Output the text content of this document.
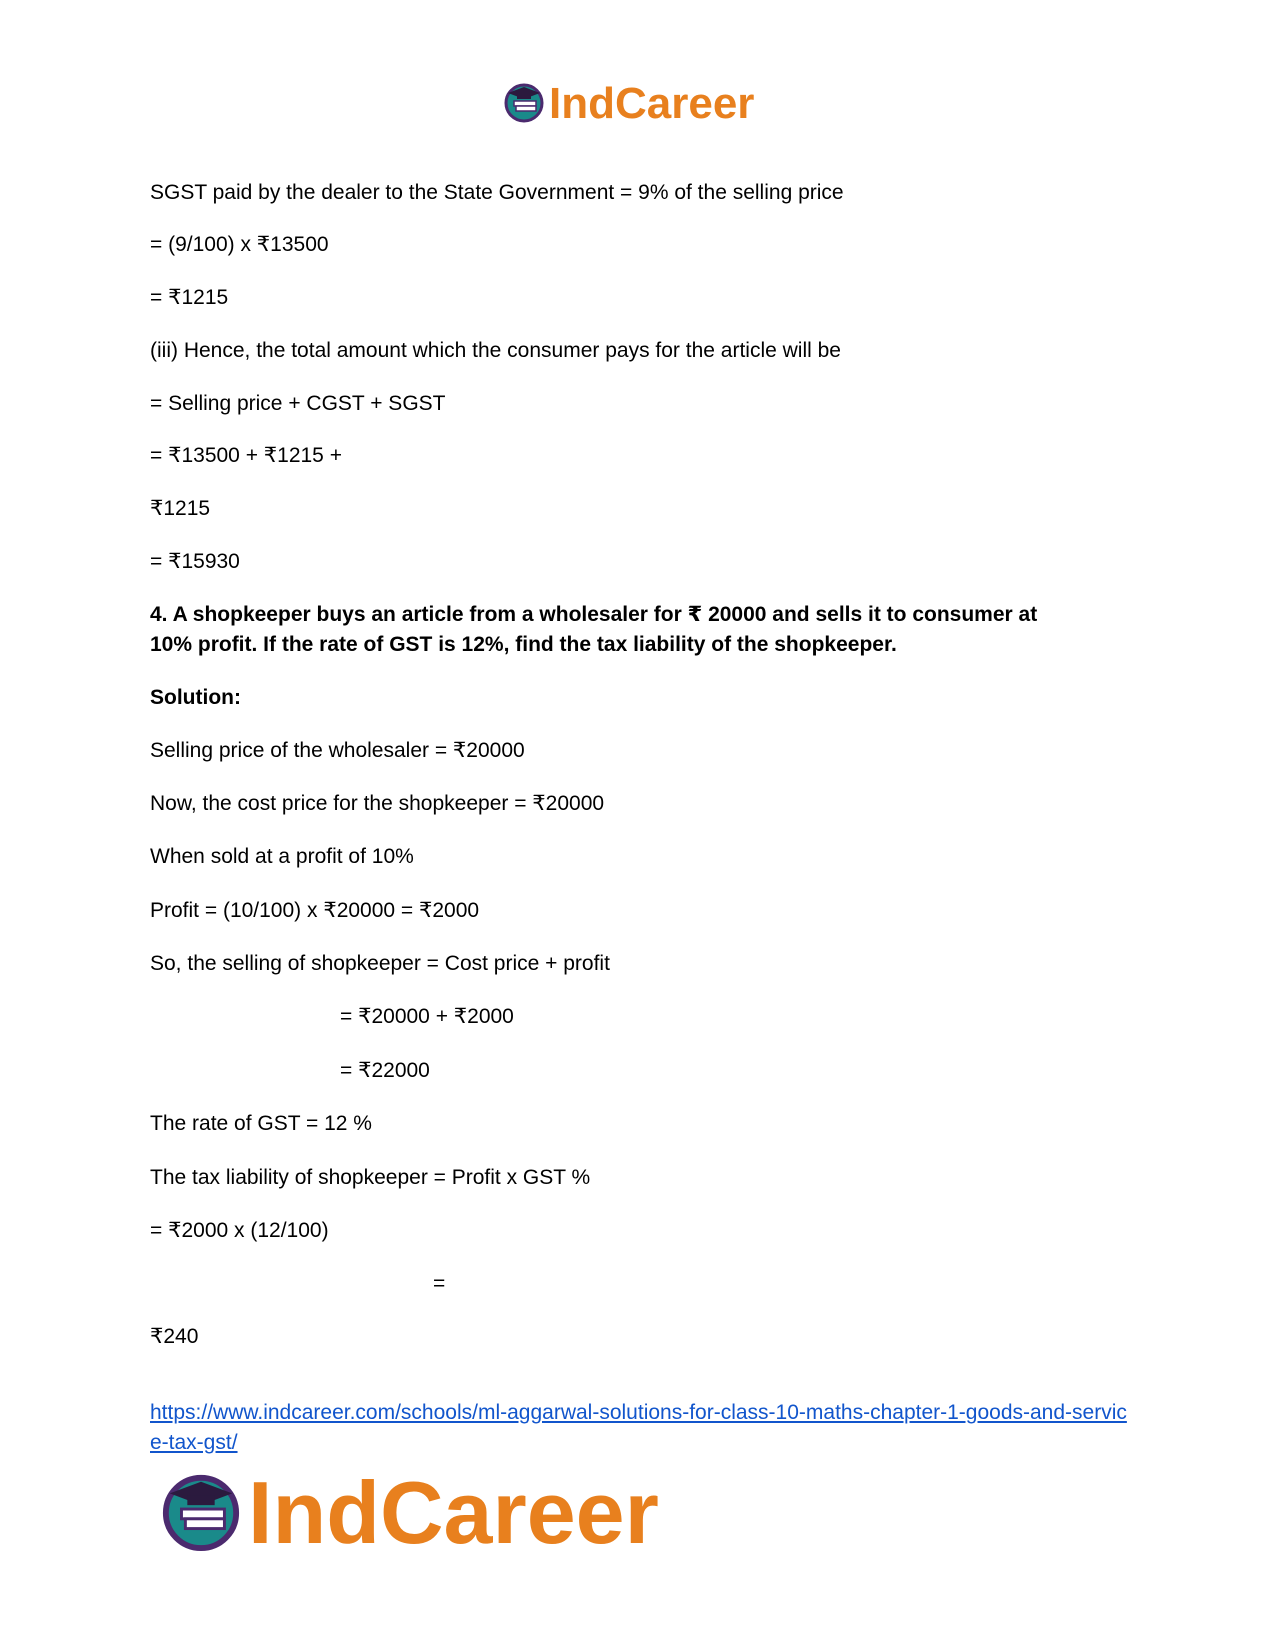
IndCareer

SGST paid by the dealer to the State Government = 9% of the selling price

= (9/100) x ₹13500

= ₹1215

(iii) Hence, the total amount which the consumer pays for the article will be

= Selling price + CGST + SGST

= ₹13500 + ₹1215 +

₹1215

= ₹15930

4. A shopkeeper buys an article from a wholesaler for ₹ 20000 and sells it to consumer at

10% profit. If the rate of GST is 12%, find the tax liability of the shopkeeper.

Solution:

Selling price of the wholesaler = ₹20000

Now, the cost price for the shopkeeper = ₹20000

When sold at a profit of 10%

Profit = (10/100) x ₹20000 = ₹2000

So, the selling of shopkeeper = Cost price + profit

= ₹20000 + ₹2000

= ₹22000

The rate of GST = 12 %

The tax liability of shopkeeper = Profit x GST %

= ₹2000 x (12/100)

=

₹240

https://www.indcareer.com/schools/ml-aggarwal-solutions-for-class-10-maths-chapter-1-goods-and-service-tax-gst/
IndCareer
